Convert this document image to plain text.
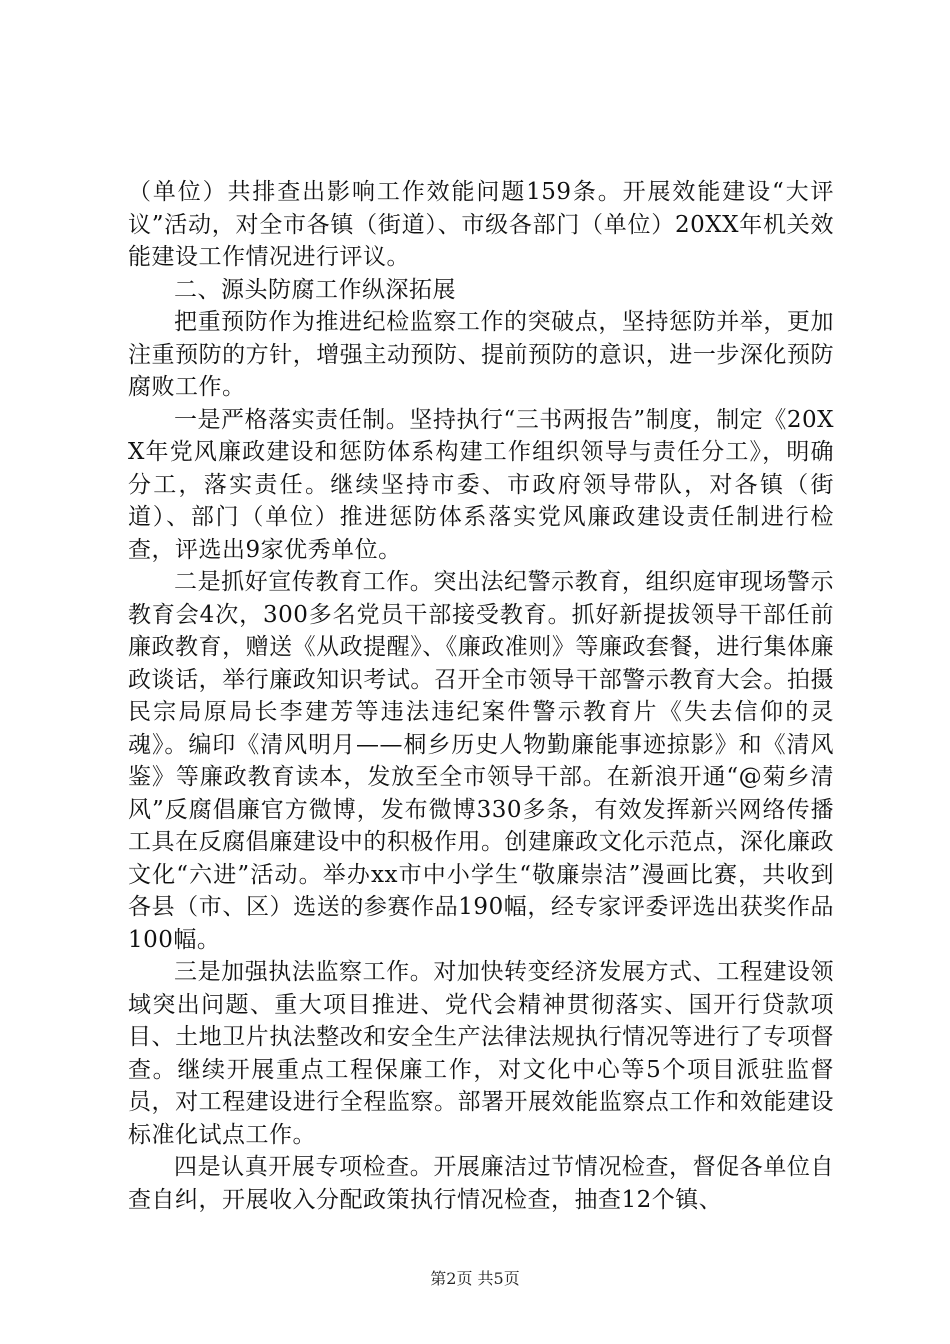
（单位）共排查出影响工作效能问题159条。开展效能建设“大评议”活动，对全市各镇（街道）、市级各部门（单位）20XX年机关效能建设工作情况进行评议。

二、源头防腐工作纵深拓展

把重预防作为推进纪检监察工作的突破点，坚持惩防并举，更加注重预防的方针，增强主动预防、提前预防的意识，进一步深化预防腐败工作。

一是严格落实责任制。坚持执行“三书两报告”制度，制定《20XX年党风廉政建设和惩防体系构建工作组织领导与责任分工》，明确分工，落实责任。继续坚持市委、市政府领导带队，对各镇（街道）、部门（单位）推进惩防体系落实党风廉政建设责任制进行检查，评选出9家优秀单位。

二是抓好宣传教育工作。突出法纪警示教育，组织庭审现场警示教育会4次，300多名党员干部接受教育。抓好新提拔领导干部任前廉政教育，赠送《从政提醒》、《廉政准则》等廉政套餐，进行集体廉政谈话，举行廉政知识考试。召开全市领导干部警示教育大会。拍摄民宗局原局长李建芳等违法违纪案件警示教育片《失去信仰的灵魂》。编印《清风明月——桐乡历史人物勤廉能事迹掠影》和《清风鉴》等廉政教育读本，发放至全市领导干部。在新浪开通“@菊乡清风”反腐倡廉官方微博，发布微博330多条，有效发挥新兴网络传播工具在反腐倡廉建设中的积极作用。创建廉政文化示范点，深化廉政文化“六进”活动。举办xx市中小学生“敬廉崇洁”漫画比赛，共收到各县（市、区）选送的参赛作品190幅，经专家评委评选出获奖作品100幅。

三是加强执法监察工作。对加快转变经济发展方式、工程建设领域突出问题、重大项目推进、党代会精神贯彻落实、国开行贷款项目、土地卫片执法整改和安全生产法律法规执行情况等进行了专项督查。继续开展重点工程保廉工作，对文化中心等5个项目派驻监督员，对工程建设进行全程监察。部署开展效能监察点工作和效能建设标准化试点工作。

四是认真开展专项检查。开展廉洁过节情况检查，督促各单位自查自纠，开展收入分配政策执行情况检查，抽查12个镇、

第2页 共5页
